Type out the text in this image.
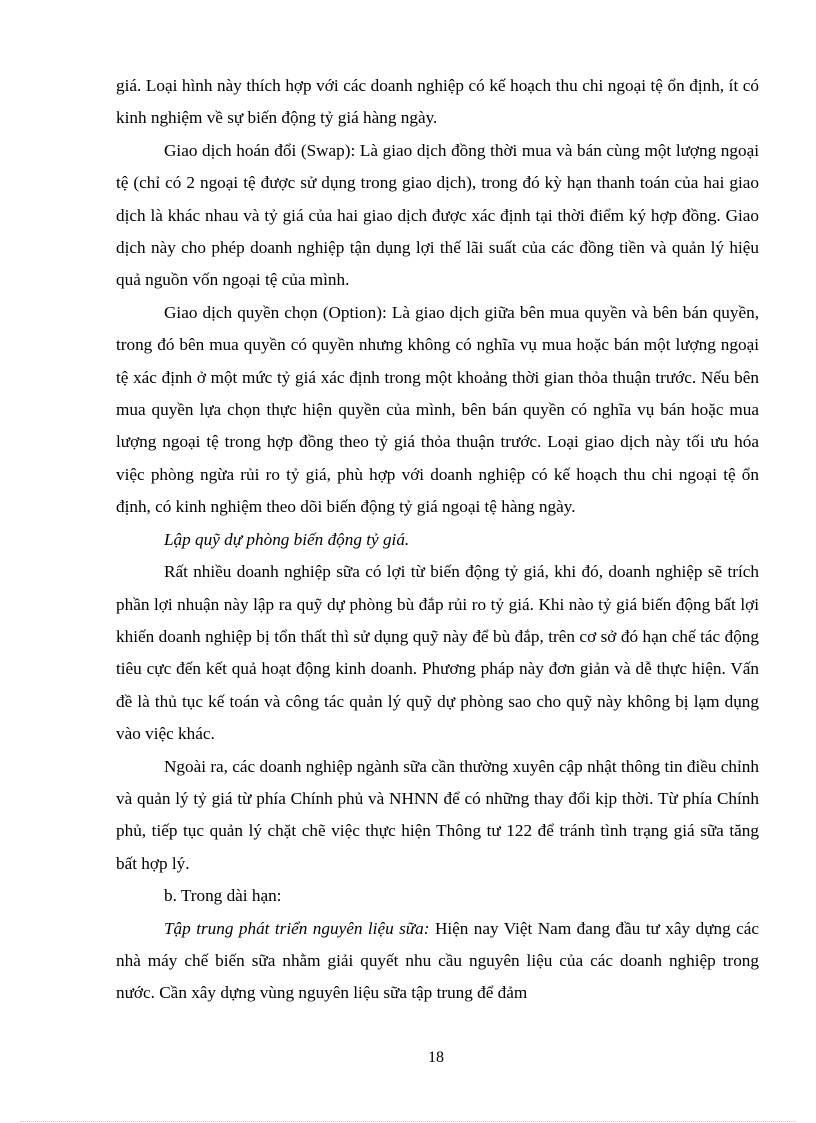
giá. Loại hình này thích hợp với các doanh nghiệp có kế hoạch thu chi ngoại tệ ổn định, ít có kinh nghiệm về sự biến động tỷ giá hàng ngày.

Giao dịch hoán đổi (Swap): Là giao dịch đồng thời mua và bán cùng một lượng ngoại tệ (chỉ có 2 ngoại tệ được sử dụng trong giao dịch), trong đó kỳ hạn thanh toán của hai giao dịch là khác nhau và tỷ giá của hai giao dịch được xác định tại thời điểm ký hợp đồng. Giao dịch này cho phép doanh nghiệp tận dụng lợi thế lãi suất của các đồng tiền và quản lý hiệu quả nguồn vốn ngoại tệ của mình.

Giao dịch quyền chọn (Option): Là giao dịch giữa bên mua quyền và bên bán quyền, trong đó bên mua quyền có quyền nhưng không có nghĩa vụ mua hoặc bán một lượng ngoại tệ xác định ở một mức tỷ giá xác định trong một khoảng thời gian thỏa thuận trước. Nếu bên mua quyền lựa chọn thực hiện quyền của mình, bên bán quyền có nghĩa vụ bán hoặc mua lượng ngoại tệ trong hợp đồng theo tỷ giá thỏa thuận trước. Loại giao dịch này tối ưu hóa việc phòng ngừa rủi ro tỷ giá, phù hợp với doanh nghiệp có kế hoạch thu chi ngoại tệ ổn định, có kinh nghiệm theo dõi biến động tỷ giá ngoại tệ hàng ngày.

Lập quỹ dự phòng biến động tỷ giá.

Rất nhiều doanh nghiệp sữa có lợi từ biến động tỷ giá, khi đó, doanh nghiệp sẽ trích phần lợi nhuận này lập ra quỹ dự phòng bù đắp rủi ro tỷ giá. Khi nào tỷ giá biến động bất lợi khiến doanh nghiệp bị tổn thất thì sử dụng quỹ này để bù đắp, trên cơ sở đó hạn chế tác động tiêu cực đến kết quả hoạt động kinh doanh. Phương pháp này đơn giản và dễ thực hiện. Vấn đề là thủ tục kế toán và công tác quản lý quỹ dự phòng sao cho quỹ này không bị lạm dụng vào việc khác.

Ngoài ra, các doanh nghiệp ngành sữa cần thường xuyên cập nhật thông tin điều chỉnh và quản lý tỷ giá từ phía Chính phủ và NHNN để có những thay đổi kịp thời. Từ phía Chính phủ, tiếp tục quản lý chặt chẽ việc thực hiện Thông tư 122 để tránh tình trạng giá sữa tăng bất hợp lý.

b. Trong dài hạn:

Tập trung phát triển nguyên liệu sữa: Hiện nay Việt Nam đang đầu tư xây dựng các nhà máy chế biến sữa nhằm giải quyết nhu cầu nguyên liệu của các doanh nghiệp trong nước. Cần xây dựng vùng nguyên liệu sữa tập trung để đảm

18
